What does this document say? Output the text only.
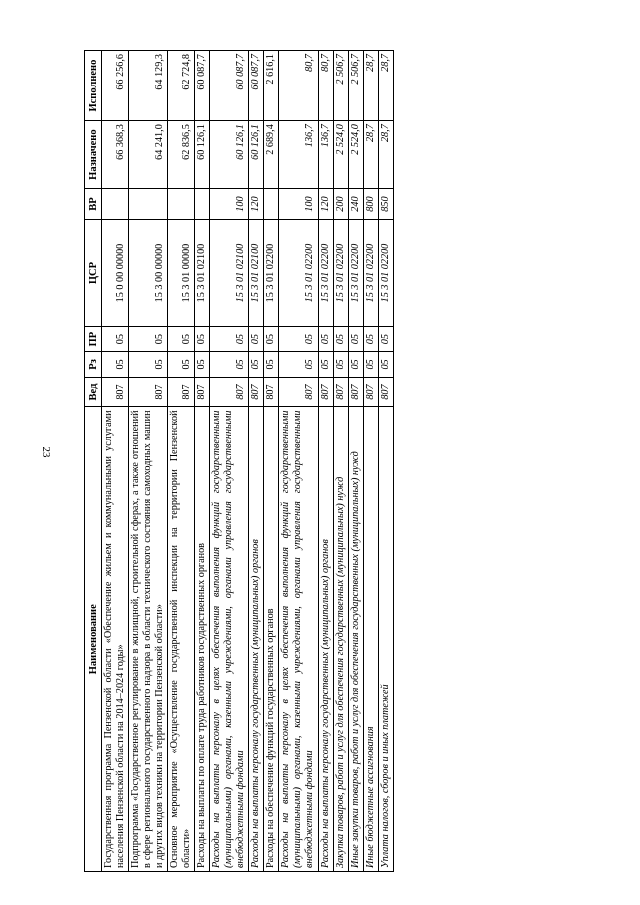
23
Наименование	Вед	Рз	ПР	ЦСР	ВР	Назначено	Исполнено
Государственная программа Пензенской области «Обеспечение жильем и коммунальными услугами населения Пензенской области на 2014–2024 годы»	807	05	05	15 0 00 00000		66 368,3	66 256,6
Подпрограмма «Государственное регулирование в жилищной, строительной сферах, а также отношений в сфере регионального государственного надзора в области технического состояния самоходных машин и других видов техники на территории Пензенской области»	807	05	05	15 3 00 00000		64 241,0	64 129,3
Основное мероприятие «Осуществление государственной инспекции на территории Пензенской области»	807	05	05	15 3 01 00000		62 836,5	62 724,8
Расходы на выплаты по оплате труда работников государственных органов	807	05	05	15 3 01 02100		60 126,1	60 087,7
Расходы на выплаты персоналу в целях обеспечения выполнения функций государственными (муниципальными) органами, казенными учреждениями, органами управления государственными внебюджетными фондами	807	05	05	15 3 01 02100	100	60 126,1	60 087,7
Расходы на выплаты персоналу государственных (муниципальных) органов	807	05	05	15 3 01 02100	120	60 126,1	60 087,7
Расходы на обеспечение функций государственных органов	807	05	05	15 3 01 02200		2 689,4	2 616,1
Расходы на выплаты персоналу в целях обеспечения выполнения функций государственными (муниципальными) органами, казенными учреждениями, органами управления государственными внебюджетными фондами	807	05	05	15 3 01 02200	100	136,7	80,7
Расходы на выплаты персоналу государственных (муниципальных) органов	807	05	05	15 3 01 02200	120	136,7	80,7
Закупка товаров, работ и услуг для обеспечения государственных (муниципальных) нужд	807	05	05	15 3 01 02200	200	2 524,0	2 506,7
Иные закупки товаров, работ и услуг для обеспечения государственных (муниципальных) нужд	807	05	05	15 3 01 02200	240	2 524,0	2 506,7
Иные бюджетные ассигнования	807	05	05	15 3 01 02200	800	28,7	28,7
Уплата налогов, сборов и иных платежей	807	05	05	15 3 01 02200	850	28,7	28,7
